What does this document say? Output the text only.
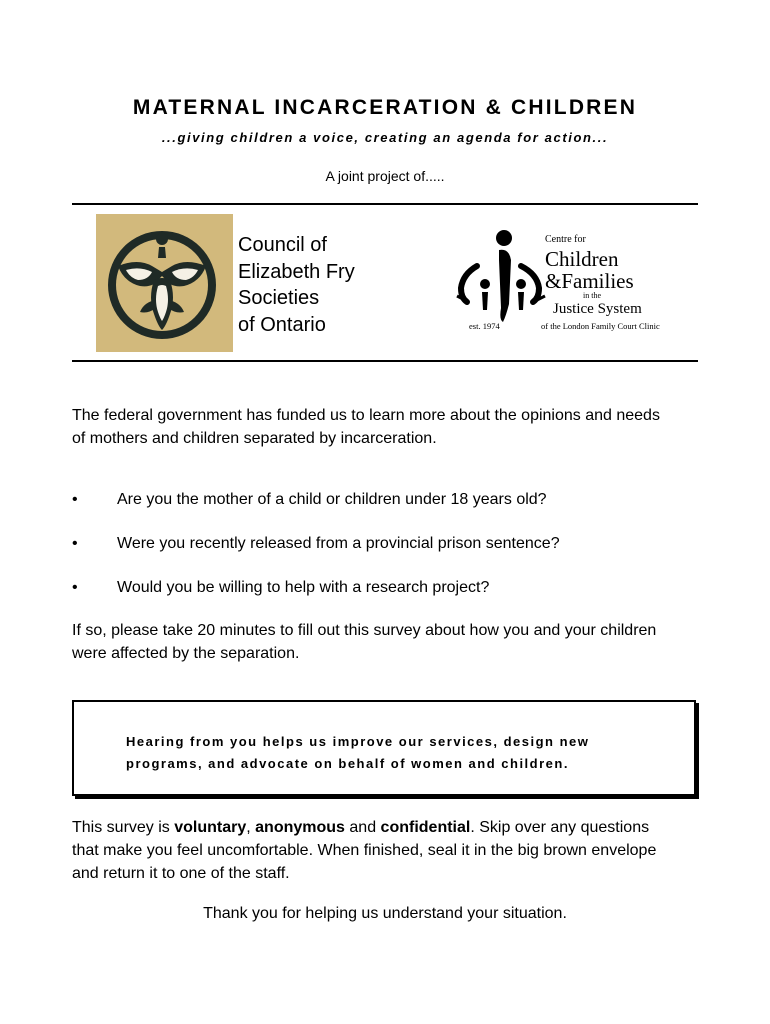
MATERNAL INCARCERATION & CHILDREN
...giving children a voice, creating an agenda for action...
A joint project of.....
Council of
Elizabeth Fry
Societies
of Ontario
Centre for
Children
&Families
in the
Justice System
est. 1974	of the London Family Court Clinic

The federal government has funded us to learn more about the opinions and needs of mothers and children separated by incarceration.

• Are you the mother of a child or children under 18 years old?
• Were you recently released from a provincial prison sentence?
• Would you be willing to help with a research project?

If so, please take 20 minutes to fill out this survey about how you and your children were affected by the separation.

Hearing from you helps us improve our services, design new programs, and advocate on behalf of women and children.

This survey is voluntary, anonymous and confidential. Skip over any questions that make you feel uncomfortable. When finished, seal it in the big brown envelope and return it to one of the staff.

Thank you for helping us understand your situation.
